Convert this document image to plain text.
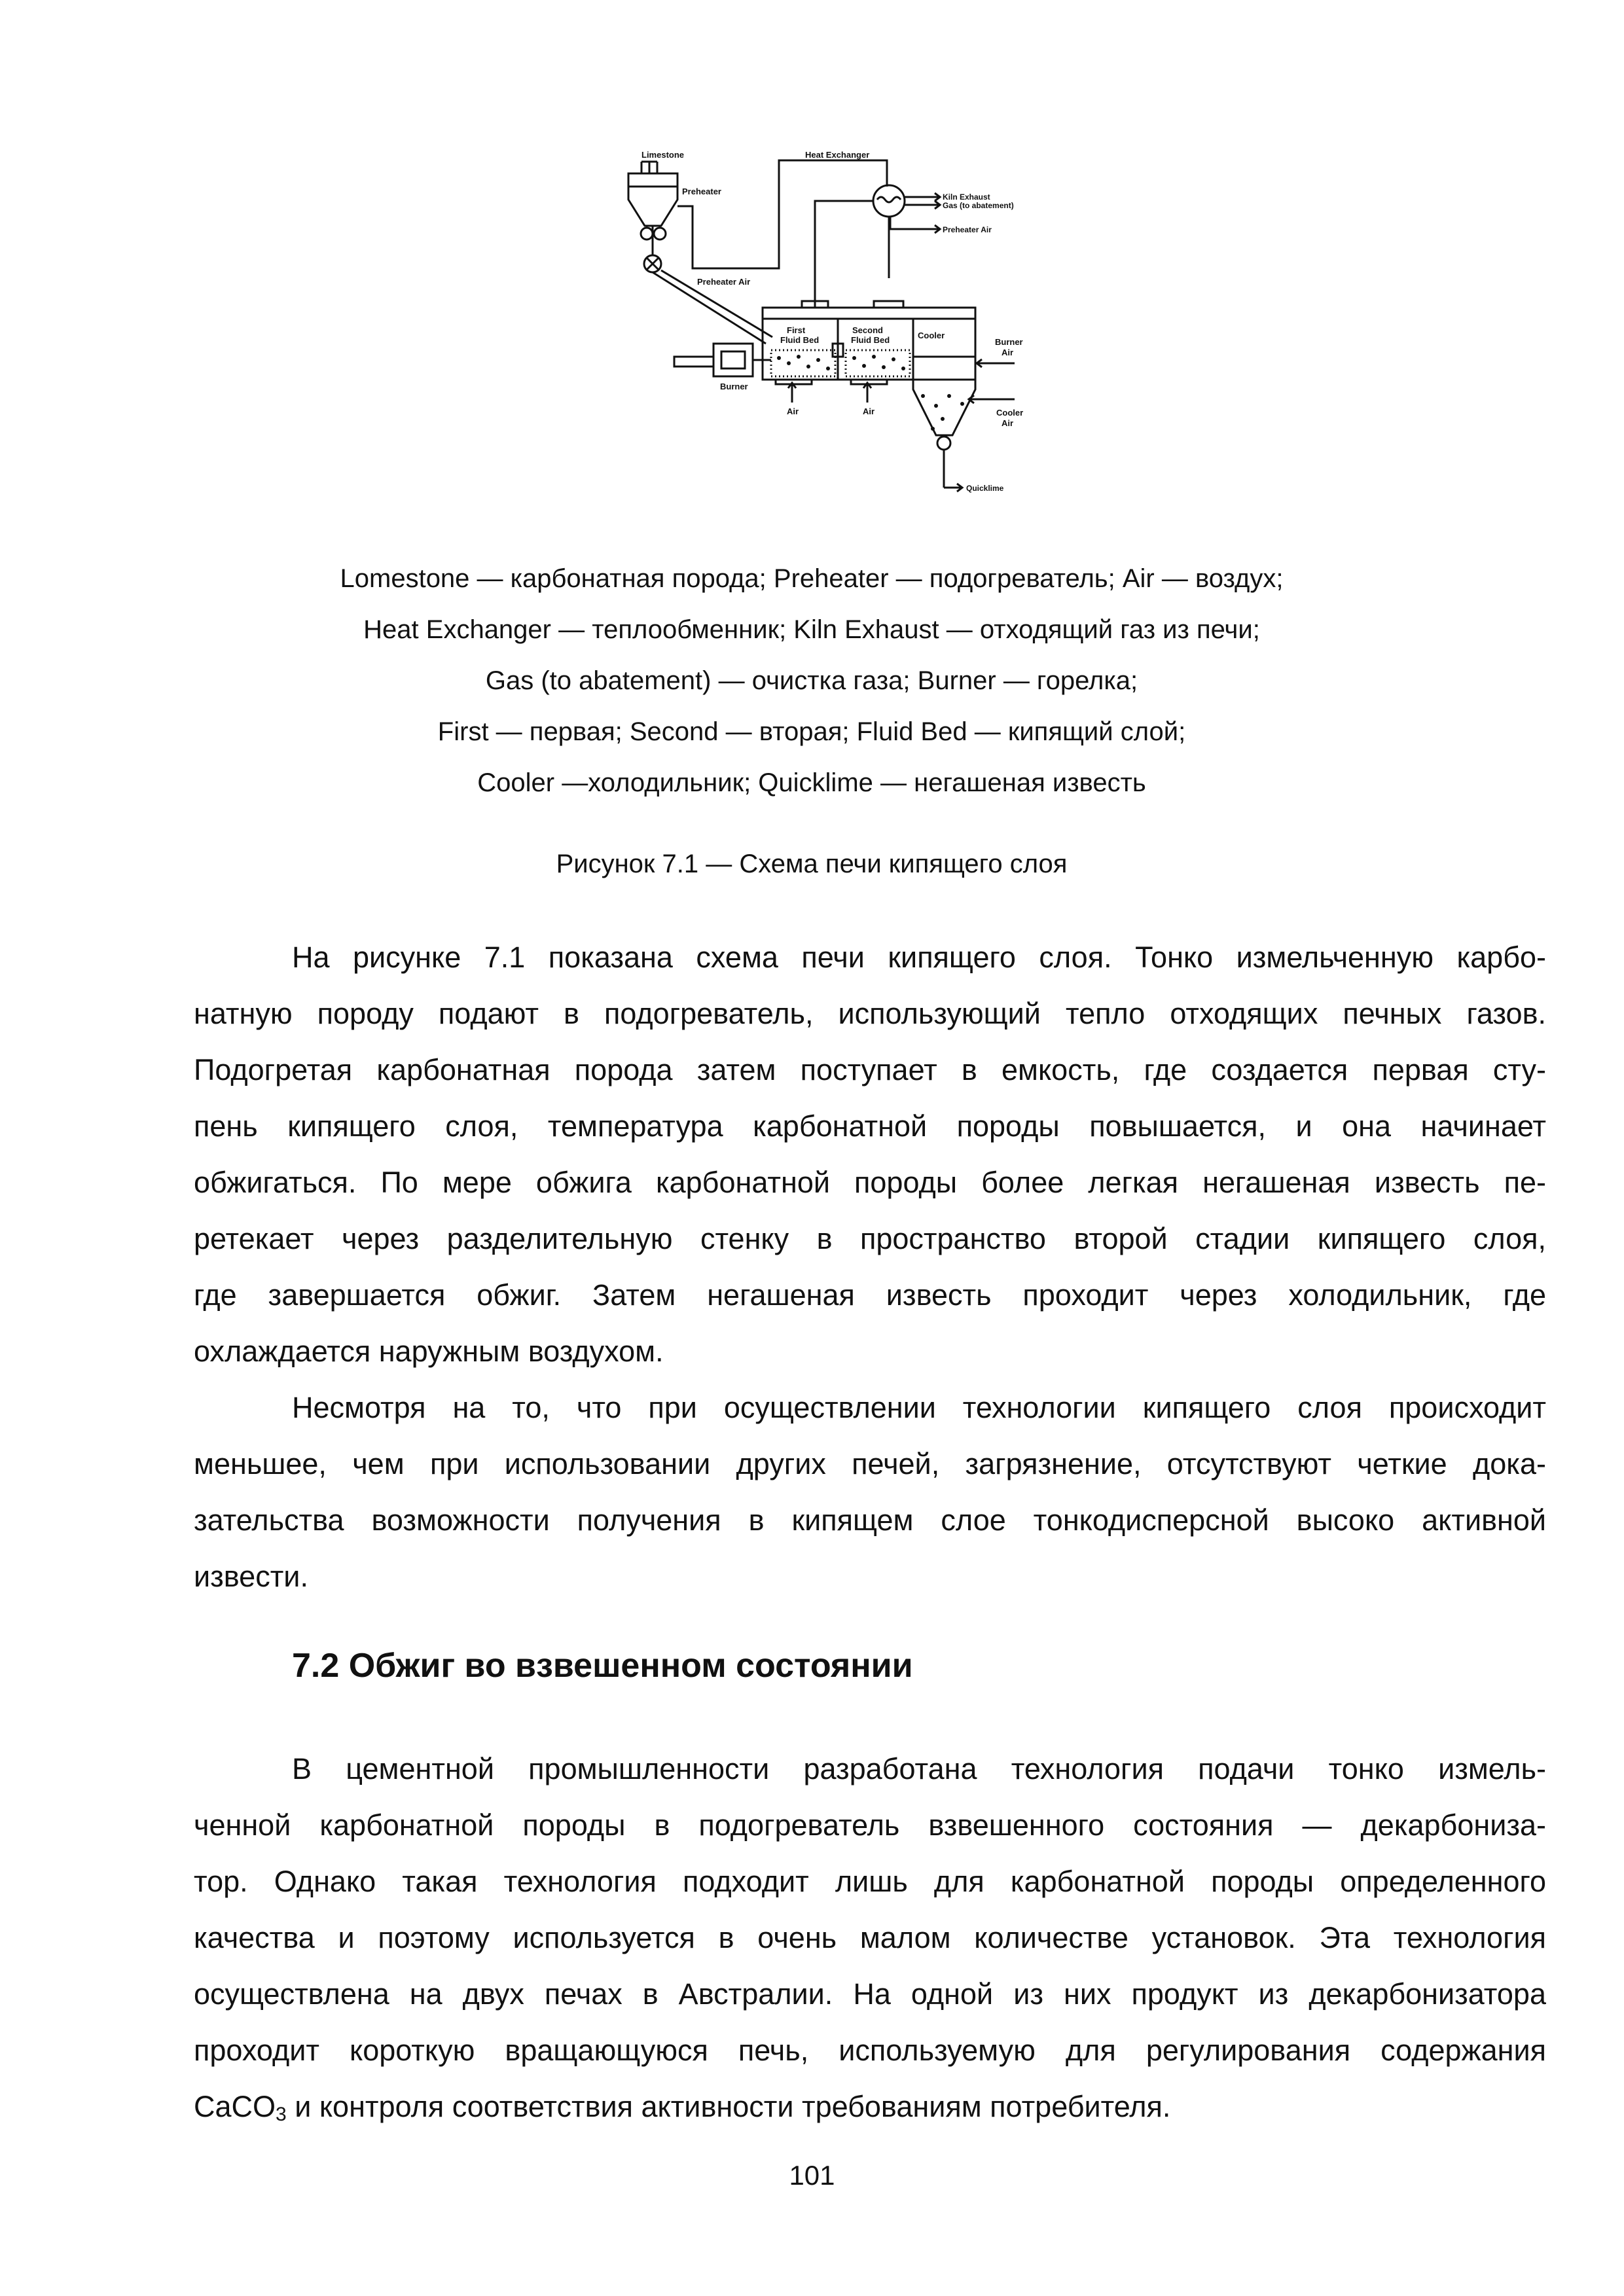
Limestone
Preheater
Preheater Air
Heat Exchanger
Kiln Exhaust
Gas (to abatement)
Preheater Air
First
Fluid Bed
Second
Fluid Bed	Cooler
Burner
Air
Cooler
Air
Burner
Air	Air
Quicklime
Lomestone — карбонатная порода; Preheater — подогреватель; Air — воздух;
Heat Exchanger — теплообменник; Kiln Exhaust — отходящий газ из печи;
Gas (to abatement) — очистка газа; Burner — горелка;
First — первая; Second — вторая; Fluid Bed — кипящий слой;
Cooler —холодильник; Quicklime — негашеная известь
Рисунок 7.1 — Схема печи кипящего слоя
На рисунке 7.1 показана схема печи кипящего слоя. Тонко измельченную карбо-
натную породу подают в подогреватель, использующий тепло отходящих печных газов.
Подогретая карбонатная порода затем поступает в емкость, где создается первая сту-
пень кипящего слоя, температура карбонатной породы повышается, и она начинает
обжигаться. По мере обжига карбонатной породы более легкая негашеная известь пе-
ретекает через разделительную стенку в пространство второй стадии кипящего слоя,
где завершается обжиг. Затем негашеная известь проходит через холодильник, где
охлаждается наружным воздухом.
Несмотря на то, что при осуществлении технологии кипящего слоя происходит
меньшее, чем при использовании других печей, загрязнение, отсутствуют четкие дока-
зательства возможности получения в кипящем слое тонкодисперсной высоко активной
извести.
7.2 Обжиг во взвешенном состоянии
В цементной промышленности разработана технология подачи тонко измель-
ченной карбонатной породы в подогреватель взвешенного состояния — декарбониза-
тор. Однако такая технология подходит лишь для карбонатной породы определенного
качества и поэтому используется в очень малом количестве установок. Эта технология
осуществлена на двух печах в Австралии. На одной из них продукт из декарбонизатора
проходит короткую вращающуюся печь, используемую для регулирования содержания
CaCO$_3$ и контроля соответствия активности требованиям потребителя.
101
